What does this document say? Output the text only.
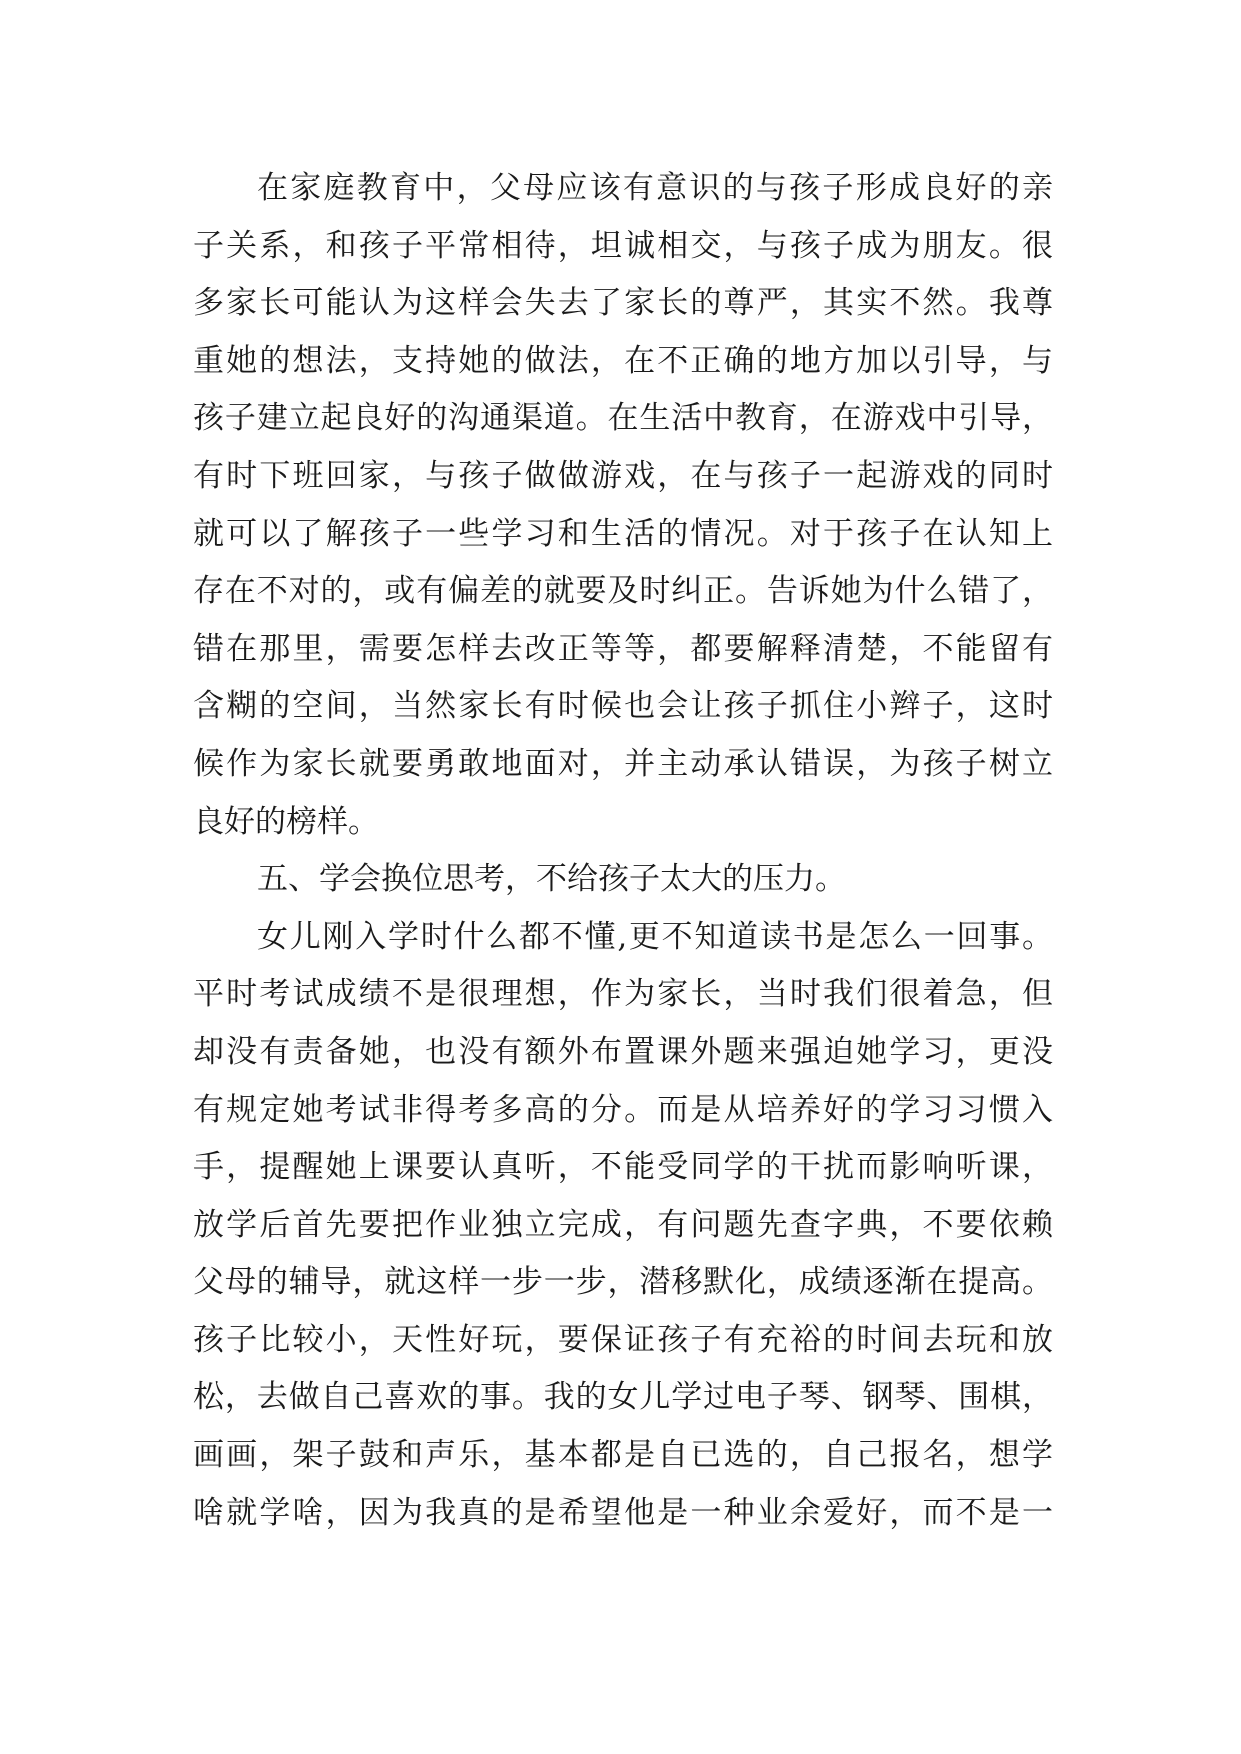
在家庭教育中，父母应该有意识的与孩子形成良好的亲
子关系，和孩子平常相待，坦诚相交，与孩子成为朋友。很
多家长可能认为这样会失去了家长的尊严，其实不然。我尊
重她的想法，支持她的做法，在不正确的地方加以引导，与
孩子建立起良好的沟通渠道。在生活中教育，在游戏中引导，
有时下班回家，与孩子做做游戏，在与孩子一起游戏的同时
就可以了解孩子一些学习和生活的情况。对于孩子在认知上
存在不对的，或有偏差的就要及时纠正。告诉她为什么错了，
错在那里，需要怎样去改正等等，都要解释清楚，不能留有
含糊的空间，当然家长有时候也会让孩子抓住小辫子，这时
候作为家长就要勇敢地面对，并主动承认错误，为孩子树立
良好的榜样。
五、学会换位思考，不给孩子太大的压力。
女儿刚入学时什么都不懂,更不知道读书是怎么一回事。
平时考试成绩不是很理想，作为家长，当时我们很着急，但
却没有责备她，也没有额外布置课外题来强迫她学习，更没
有规定她考试非得考多高的分。而是从培养好的学习习惯入
手，提醒她上课要认真听，不能受同学的干扰而影响听课，
放学后首先要把作业独立完成，有问题先查字典，不要依赖
父母的辅导，就这样一步一步，潜移默化，成绩逐渐在提高。
孩子比较小，天性好玩，要保证孩子有充裕的时间去玩和放
松，去做自己喜欢的事。我的女儿学过电子琴、钢琴、围棋，
画画，架子鼓和声乐，基本都是自已选的，自己报名，想学
啥就学啥，因为我真的是希望他是一种业余爱好，而不是一
